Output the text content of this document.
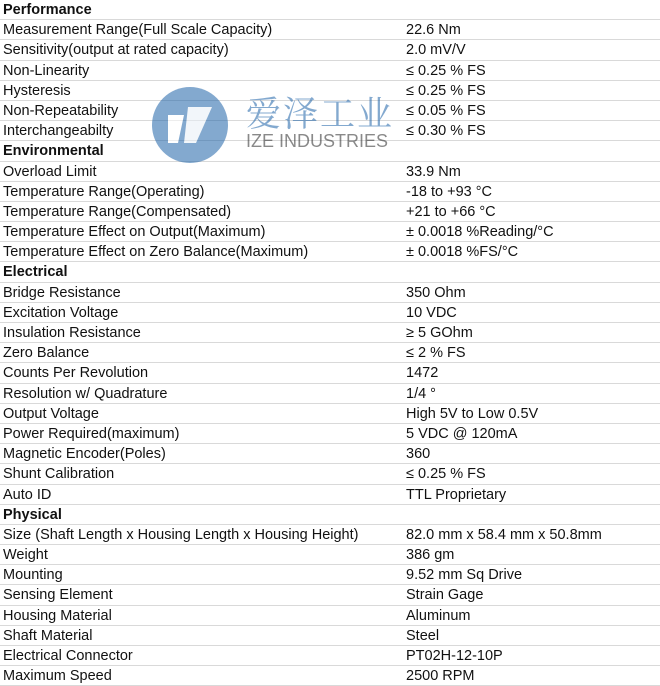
Performance
Measurement Range(Full Scale Capacity)	22.6 Nm
Sensitivity(output at rated capacity)	2.0 mV/V
Non-Linearity	≤ 0.25 % FS
Hysteresis	≤ 0.25 % FS
Non-Repeatability	≤ 0.05 % FS
Interchangeabilty	≤ 0.30 % FS
Environmental
Overload Limit	33.9 Nm
Temperature Range(Operating)	-18 to +93 °C
Temperature Range(Compensated)	+21 to +66 °C
Temperature Effect on Output(Maximum)	± 0.0018 %Reading/°C
Temperature Effect on Zero Balance(Maximum)	± 0.0018 %FS/°C
Electrical
Bridge Resistance	350 Ohm
Excitation Voltage	10 VDC
Insulation Resistance	≥ 5 GOhm
Zero Balance	≤ 2 % FS
Counts Per Revolution	1472
Resolution w/ Quadrature	1/4 °
Output Voltage	High 5V to Low 0.5V
Power Required(maximum)	5 VDC @ 120mA
Magnetic Encoder(Poles)	360
Shunt Calibration	≤ 0.25 % FS
Auto ID	TTL Proprietary
Physical
Size (Shaft Length x Housing Length x Housing Height)	82.0 mm x 58.4 mm x 50.8mm
Weight	386 gm
Mounting	9.52 mm Sq Drive
Sensing Element	Strain Gage
Housing Material	Aluminum
Shaft Material	Steel
Electrical Connector	PT02H-12-10P
Maximum Speed	2500 RPM
爱泽工业
IZE INDUSTRIES
